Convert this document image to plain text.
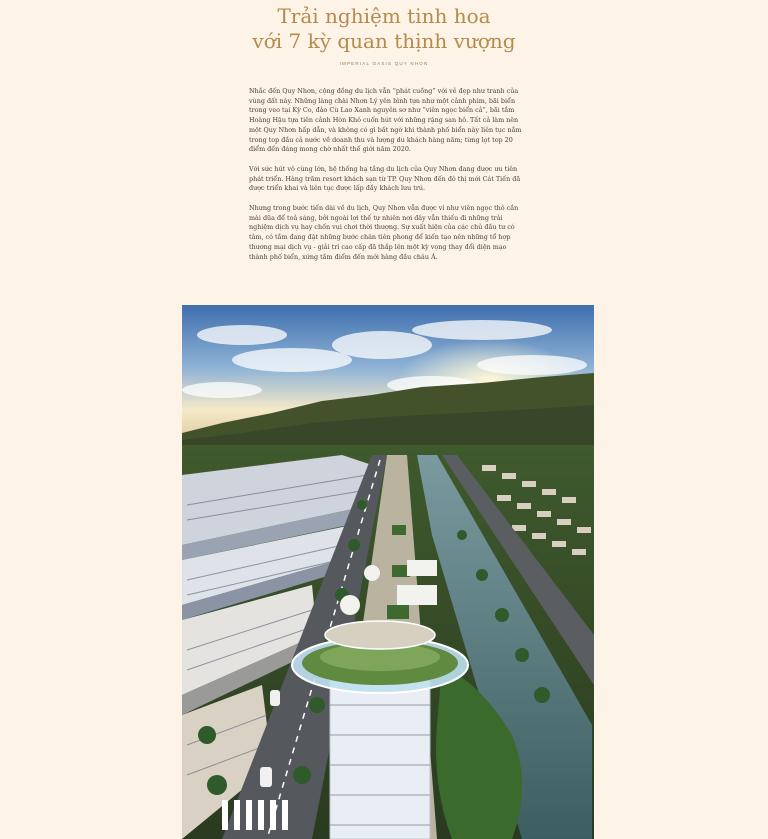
Trải nghiệm tinh hoa
với 7 kỳ quan thịnh vượng
IMPERIAL OASIS QUY NHON

Nhắc đến Quy Nhơn, cộng đồng du lịch vẫn “phát cuồng” với vẻ đẹp như tranh của vùng đất này. Những làng chài Nhơn Lý yên bình tựa như một cảnh phim, bãi biển trong veo tại Kỳ Co, đảo Cù Lao Xanh nguyên sơ như “viên ngọc biển cả”, bãi tắm Hoàng Hậu tựa tiên cảnh Hòn Khô cuốn hút với những rặng san hô. Tất cả làm nên một Quy Nhơn hấp dẫn, và không có gì bất ngờ khi thành phố biển này liên tục nằm trong top đầu cả nước về doanh thu và lượng du khách hàng năm; từng lọt top 20 điểm đến đáng mong chờ nhất thế giới năm 2020.

Với sức hút vô cùng lớn, hệ thống hạ tầng du lịch của Quy Nhơn đang được ưu tiên phát triển. Hàng trăm resort khách sạn từ TP. Quy Nhơn đến đô thị mới Cát Tiến đã được triển khai và liên tục được lấp đầy khách lưu trú.

Nhưng trong bước tiến dài về du lịch, Quy Nhơn vẫn được ví như viên ngọc thô cần mài dũa để toả sáng, bởi ngoài lợi thế tự nhiên nơi đây vẫn thiếu đi những trải nghiệm dịch vụ hay chốn vui chơi thời thượng. Sự xuất hiện của các chủ đầu tư có tâm, có tầm đang đặt những bước chân tiên phong để kiến tạo nên những tổ hợp thương mại dịch vụ - giải trí cao cấp đã thắp lên một kỳ vọng thay đổi diện mạo thành phố biển, xứng tầm điểm đến mới hàng đầu châu Á.
